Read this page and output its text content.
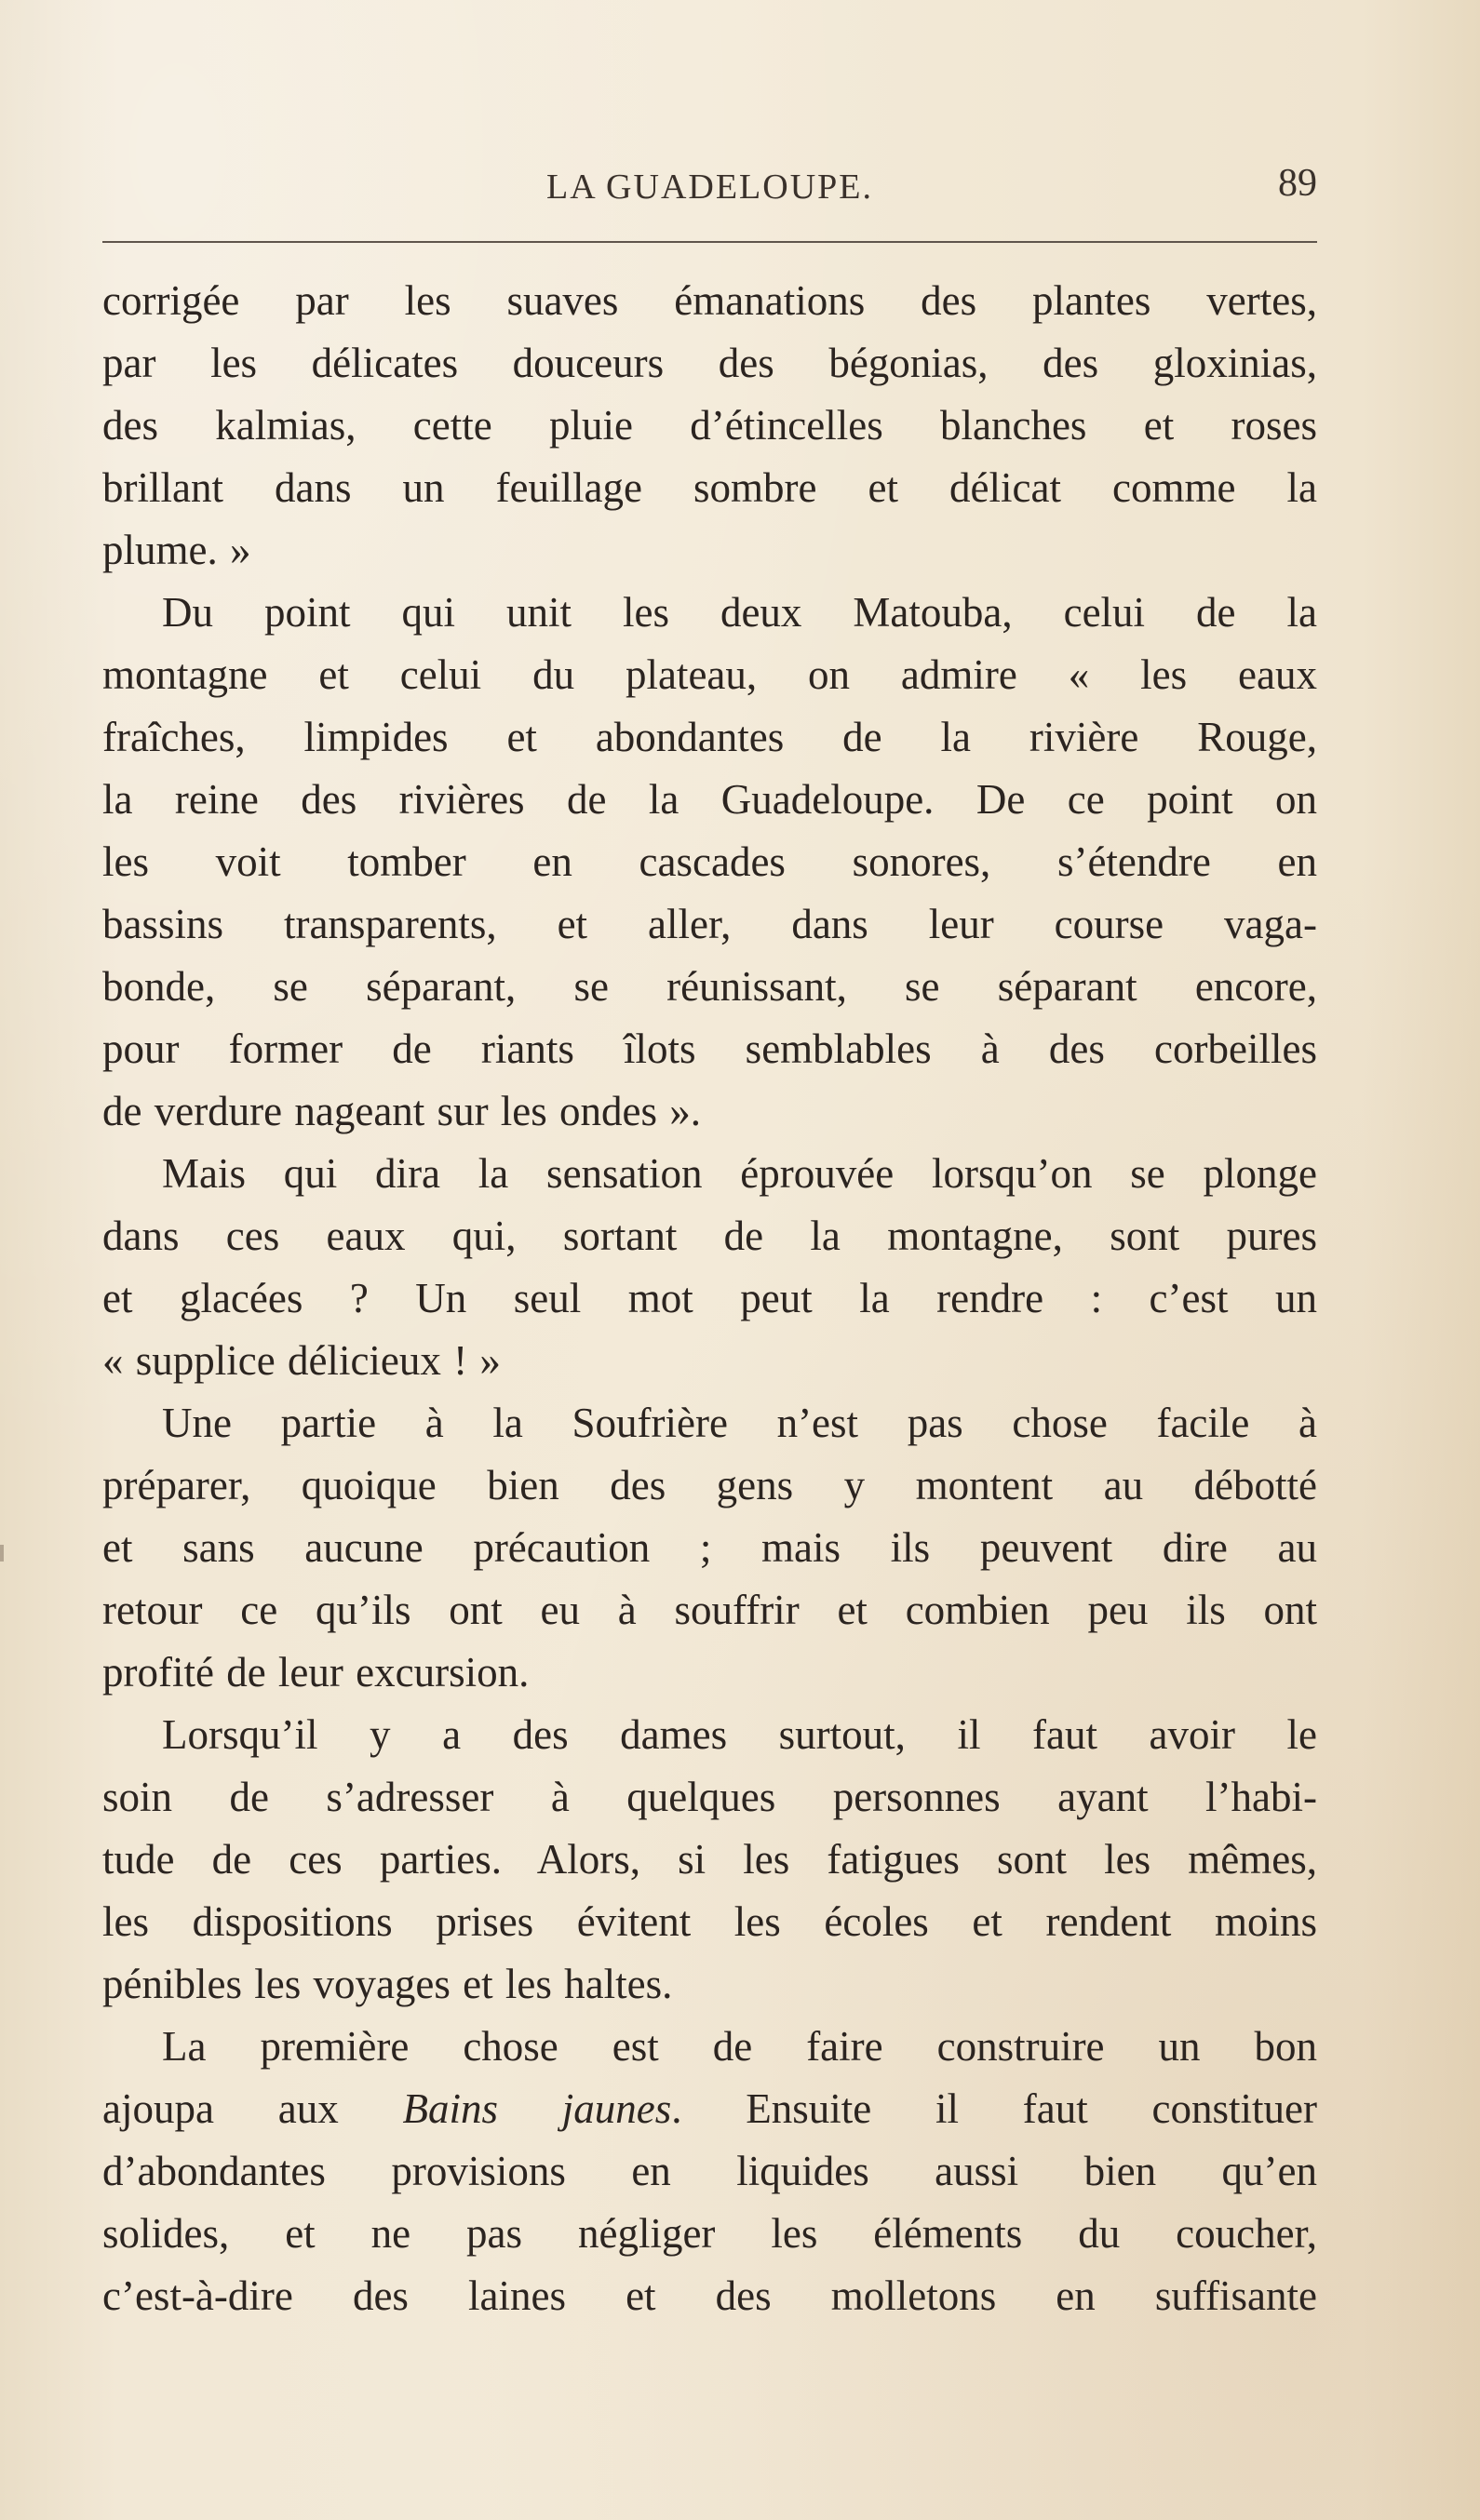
LA GUADELOUPE.	89
corrigée par les suaves émanations des plantes vertes,
par les délicates douceurs des bégonias, des gloxinias,
des kalmias, cette pluie d’étincelles blanches et roses
brillant dans un feuillage sombre et délicat comme la
plume. »
Du point qui unit les deux Matouba, celui de la
montagne et celui du plateau, on admire « les eaux
fraîches, limpides et abondantes de la rivière Rouge,
la reine des rivières de la Guadeloupe. De ce point on
les voit tomber en cascades sonores, s’étendre en
bassins transparents, et aller, dans leur course vaga-
bonde, se séparant, se réunissant, se séparant encore,
pour former de riants îlots semblables à des corbeilles
de verdure nageant sur les ondes ».
Mais qui dira la sensation éprouvée lorsqu’on se plonge
dans ces eaux qui, sortant de la montagne, sont pures
et glacées ? Un seul mot peut la rendre : c’est un
« supplice délicieux ! »
Une partie à la Soufrière n’est pas chose facile à
préparer, quoique bien des gens y montent au débotté
et sans aucune précaution ; mais ils peuvent dire au
retour ce qu’ils ont eu à souffrir et combien peu ils ont
profité de leur excursion.
Lorsqu’il y a des dames surtout, il faut avoir le
soin de s’adresser à quelques personnes ayant l’habi-
tude de ces parties. Alors, si les fatigues sont les mêmes,
les dispositions prises évitent les écoles et rendent moins
pénibles les voyages et les haltes.
La première chose est de faire construire un bon
ajoupa aux Bains jaunes. Ensuite il faut constituer
d’abondantes provisions en liquides aussi bien qu’en
solides, et ne pas négliger les éléments du coucher,
c’est-à-dire des laines et des molletons en suffisante
